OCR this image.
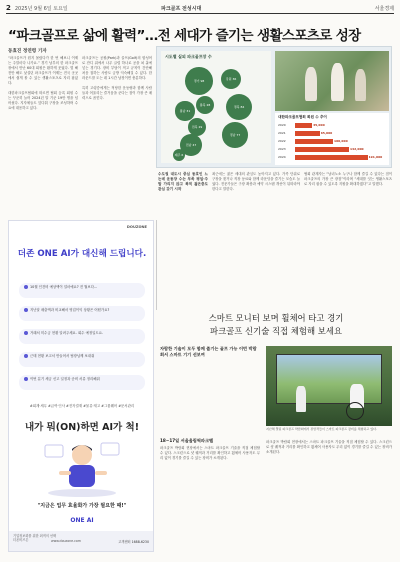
2 2025년 9월 6일 토요일	파크골프 전성시대	서울경제
“파크골프로 삶에 활력”…전 세대가 즐기는 생활스포츠로 성장
동효진 정연령 기자

“파크골프가 뭔지 몰랐다가 한 번 해보니 이제는 주말마다 나가요.” 경기 남부의 한 파크골프장에서 만난 60대 회원은 환하게 웃었다. 몇 해 전만 해도 낯설던 파크골프가 이제는 전국 곳곳에서 쉽게 볼 수 있는 생활스포츠로 자리 잡았다.

대한파크골프협회에 따르면 협회 등록 회원 수는 꾸준히 늘어 2024년 말 기준 19만 명을 넘어섰다. 지자체들도 앞다퉈 구장을 조성하며 수요에 대응하고 있다.

파크골프는 공원(Park)과 골프(Golf)의 합성어로 잔디 위에서 나무 클럽 하나로 공을 쳐 홀에 넣는 경기다. 장비 부담이 적고 규칙이 간단해 처음 접하는 사람도 금방 익숙해질 수 있다. 한 라운드를 도는 데 1시간 남짓이면 충분하다.

특히 고령층에게는 적당한 운동량과 함께 사람들과 어울리는 즐거움을 준다는 점이 가장 큰 매력으로 꼽힌다.

수도권 대도시 중심 동호인 느는데 운동장 수는 부족 평일·주말 가리지 않고 북적 젊은층도 관심 갖기 시작

최근에는 젊은 세대의 관심도 높아지고 있다. 가족 단위로 구장을 찾거나 직장 동료와 함께 라운딩을 즐기는 모습도 늘었다. 전문가들은 구장 확충과 예약 시스템 개선이 뒤따라야 한다고 말한다.

협회 관계자는 “남녀노소 누구나 함께 즐길 수 있다는 점이 파크골프의 가장 큰 장점”이라며 “세대를 잇는 생활스포츠로 자리 잡을 수 있도록 지원을 확대하겠다”고 말했다.

시도별 실외 파크골프장 수
경기 98	강원 36
충북 28
충남 31
경북 84
전북 29
전남 47
경남 77
제주 6
대한파크골프협회 회원 수 추이
2020	45,000
2021	65,000
2022	100,000
2023	142,000
2024	191,000
DOUZONE
더존 ONE AI가 대신해 드립니다.
10월 인건비 예상액이 얼마예요? 전 월보다…
지난달 매출액과 비교해서 영업이익 상황은 어떤가요?
거래처 미수금 현황 알려주세요. 회수 예정일도요.
근태 현황 보고서 만들어서 팀장님께 보내줘
이번 분기 세금 신고 일정과 준비 서류 정리해줘
#회계·세무 #급여·인사 #전자결재 #물류·재고 #그룹웨어 #문서관리
내가 뭐(ON)하면 AI가 척!
"지금은 업무 효율화가 가장 필요한 때!"
ONE AI
기업정보화를 위한 최적의 선택
더존비즈온	www.douzone.com	고객센터 1688-6230
스마트 모니터 보며 휠체어 타고 경기
파크골프 신기술 직접 체험해 보세요
자람한 기술이 모두 함께 즐기는 골프 가능 이번 박람회서 스마트 기기 선보여
지난해 열린 파크골프 박람회에서 관람객들이 스마트 파크골프 장비를 체험하고 있다.
18~17일 서울올림픽파크텔

파크골프 박람회 현장에서는 스마트 파크골프 기술을 직접 체험할 수 있다. 스크린으로 샷 궤적과 거리를 확인하고 휠체어 사용자도 무리 없이 경기를 즐길 수 있는 장비가 소개된다.

파크골프 박람회 현장에서는 스마트 파크골프 기술을 직접 체험할 수 있다. 스크린으로 샷 궤적과 거리를 확인하고 휠체어 사용자도 무리 없이 경기를 즐길 수 있는 장비가 소개된다.
